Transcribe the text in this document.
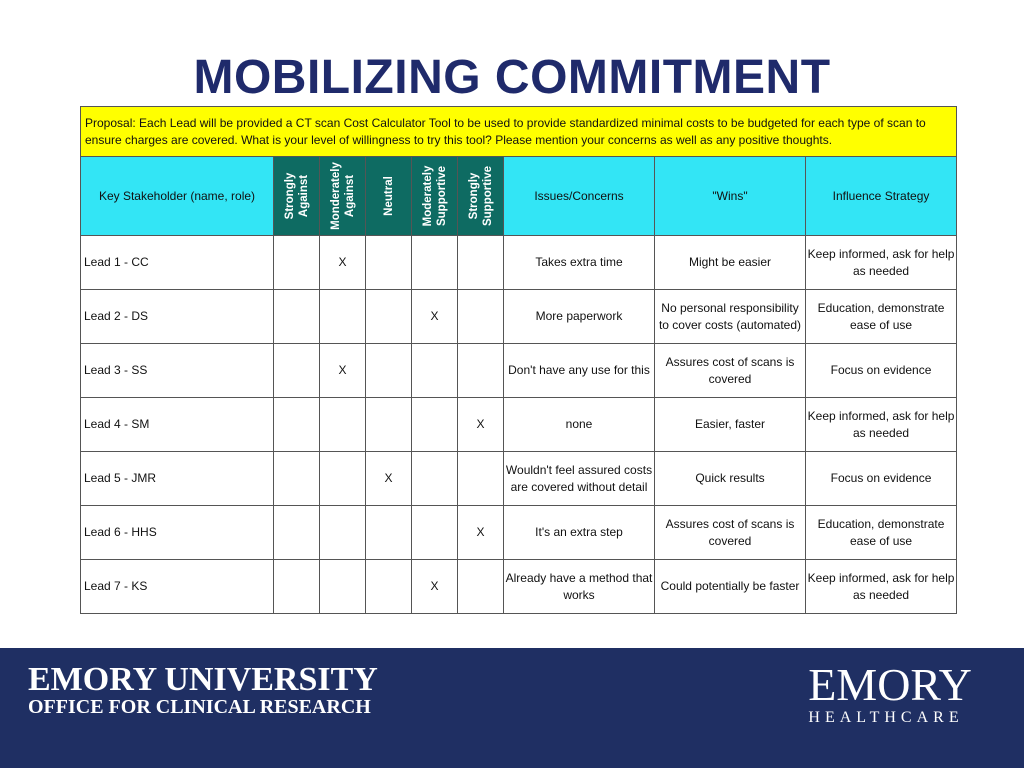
MOBILIZING COMMITMENT
Proposal: Each Lead will be provided a CT scan Cost Calculator Tool to be used to provide standardized minimal costs to be budgeted for each type of scan to ensure charges are covered. What is your level of willingness to try this tool? Please mention your concerns as well as any positive thoughts.								
Key Stakeholder (name, role)	Strongly Against	Monderately Against	Neutral	Moderately Supportive	Strongly Supportive	Issues/Concerns	"Wins"	Influence Strategy
Lead 1 - CC		X				Takes extra time	Might be easier	Keep informed, ask for help as needed
Lead 2 - DS				X		More paperwork	No personal responsibility to cover costs (automated)	Education, demonstrate ease of use
Lead 3 - SS		X				Don't have any use for this	Assures cost of scans is covered	Focus on evidence
Lead 4 - SM					X	none	Easier, faster	Keep informed, ask for help as needed
Lead 5 - JMR			X			Wouldn't feel assured costs are covered without detail	Quick results	Focus on evidence
Lead 6 - HHS					X	It's an extra step	Assures cost of scans is covered	Education, demonstrate ease of use
Lead 7 - KS				X		Already have a method that works	Could potentially be faster	Keep informed, ask for help as needed
EMORY UNIVERSITY
OFFICE FOR CLINICAL RESEARCH	EMORY
HEALTHCARE
